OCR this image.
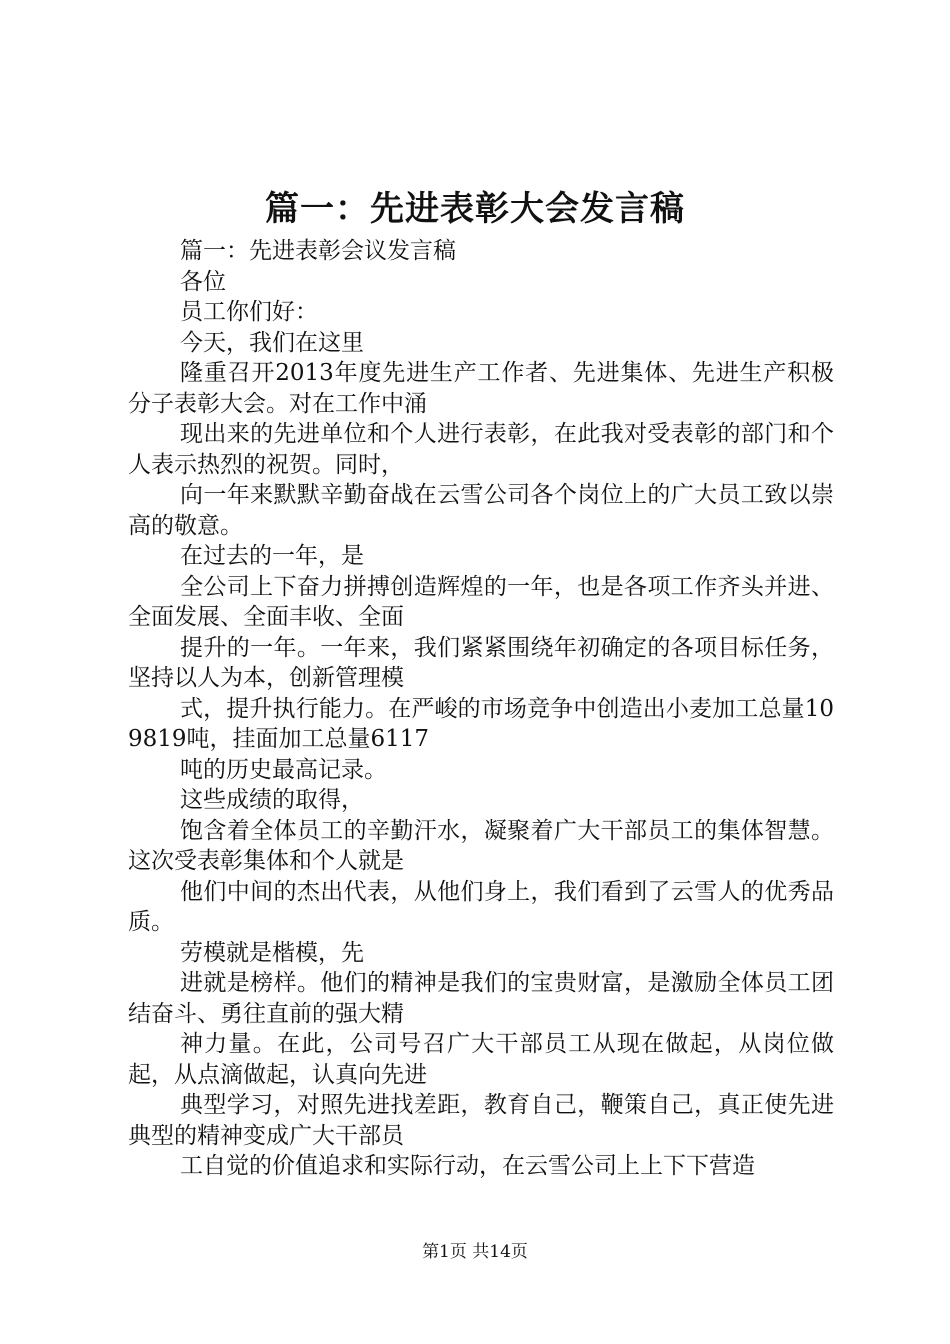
篇一：先进表彰大会发言稿

篇一：先进表彰会议发言稿

各位

员工你们好：

今天，我们在这里

隆重召开2013年度先进生产工作者、先进集体、先进生产积极分子表彰大会。对在工作中涌

现出来的先进单位和个人进行表彰，在此我对受表彰的部门和个人表示热烈的祝贺。同时，

向一年来默默辛勤奋战在云雪公司各个岗位上的广大员工致以崇高的敬意。

在过去的一年，是

全公司上下奋力拼搏创造辉煌的一年，也是各项工作齐头并进、全面发展、全面丰收、全面

提升的一年。一年来，我们紧紧围绕年初确定的各项目标任务，坚持以人为本，创新管理模

式，提升执行能力。在严峻的市场竞争中创造出小麦加工总量109819吨，挂面加工总量6117

吨的历史最高记录。

这些成绩的取得，

饱含着全体员工的辛勤汗水，凝聚着广大干部员工的集体智慧。这次受表彰集体和个人就是

他们中间的杰出代表，从他们身上，我们看到了云雪人的优秀品质。

劳模就是楷模，先

进就是榜样。他们的精神是我们的宝贵财富，是激励全体员工团结奋斗、勇往直前的强大精

神力量。在此，公司号召广大干部员工从现在做起，从岗位做起，从点滴做起，认真向先进

典型学习，对照先进找差距，教育自己，鞭策自己，真正使先进典型的精神变成广大干部员

工自觉的价值追求和实际行动，在云雪公司上上下下营造

第1页 共14页
